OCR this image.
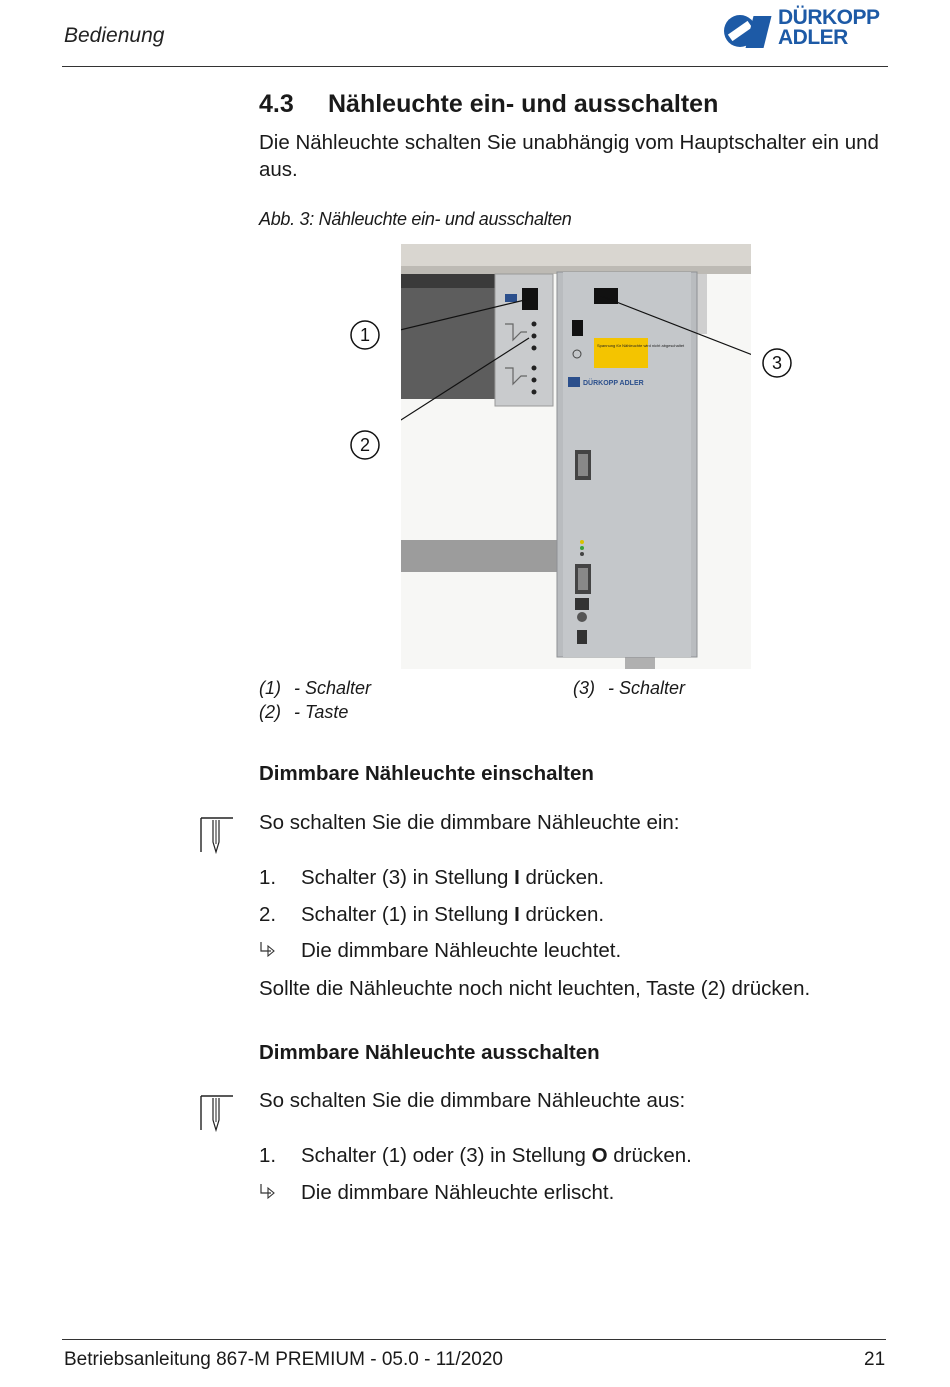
Bedienung
DÜRKOPP
ADLER
4.3 Nähleuchte ein- und ausschalten
Die Nähleuchte schalten Sie unabhängig vom Hauptschalter ein und aus.
Abb. 3: Nähleuchte ein- und ausschalten
Spannung für Nähleuchte wird nicht abgeschaltet
DÜRKOPP ADLER
1
2
3
(1) - Schalter
(2) - Taste
(3) - Schalter
Dimmbare Nähleuchte einschalten
So schalten Sie die dimmbare Nähleuchte ein:
1. Schalter (3) in Stellung I drücken.
2. Schalter (1) in Stellung I drücken.
Die dimmbare Nähleuchte leuchtet.
Sollte die Nähleuchte noch nicht leuchten, Taste (2) drücken.
Dimmbare Nähleuchte ausschalten
So schalten Sie die dimmbare Nähleuchte aus:
1. Schalter (1) oder (3) in Stellung O drücken.
Die dimmbare Nähleuchte erlischt.
Betriebsanleitung 867-M PREMIUM - 05.0 - 11/2020	21
